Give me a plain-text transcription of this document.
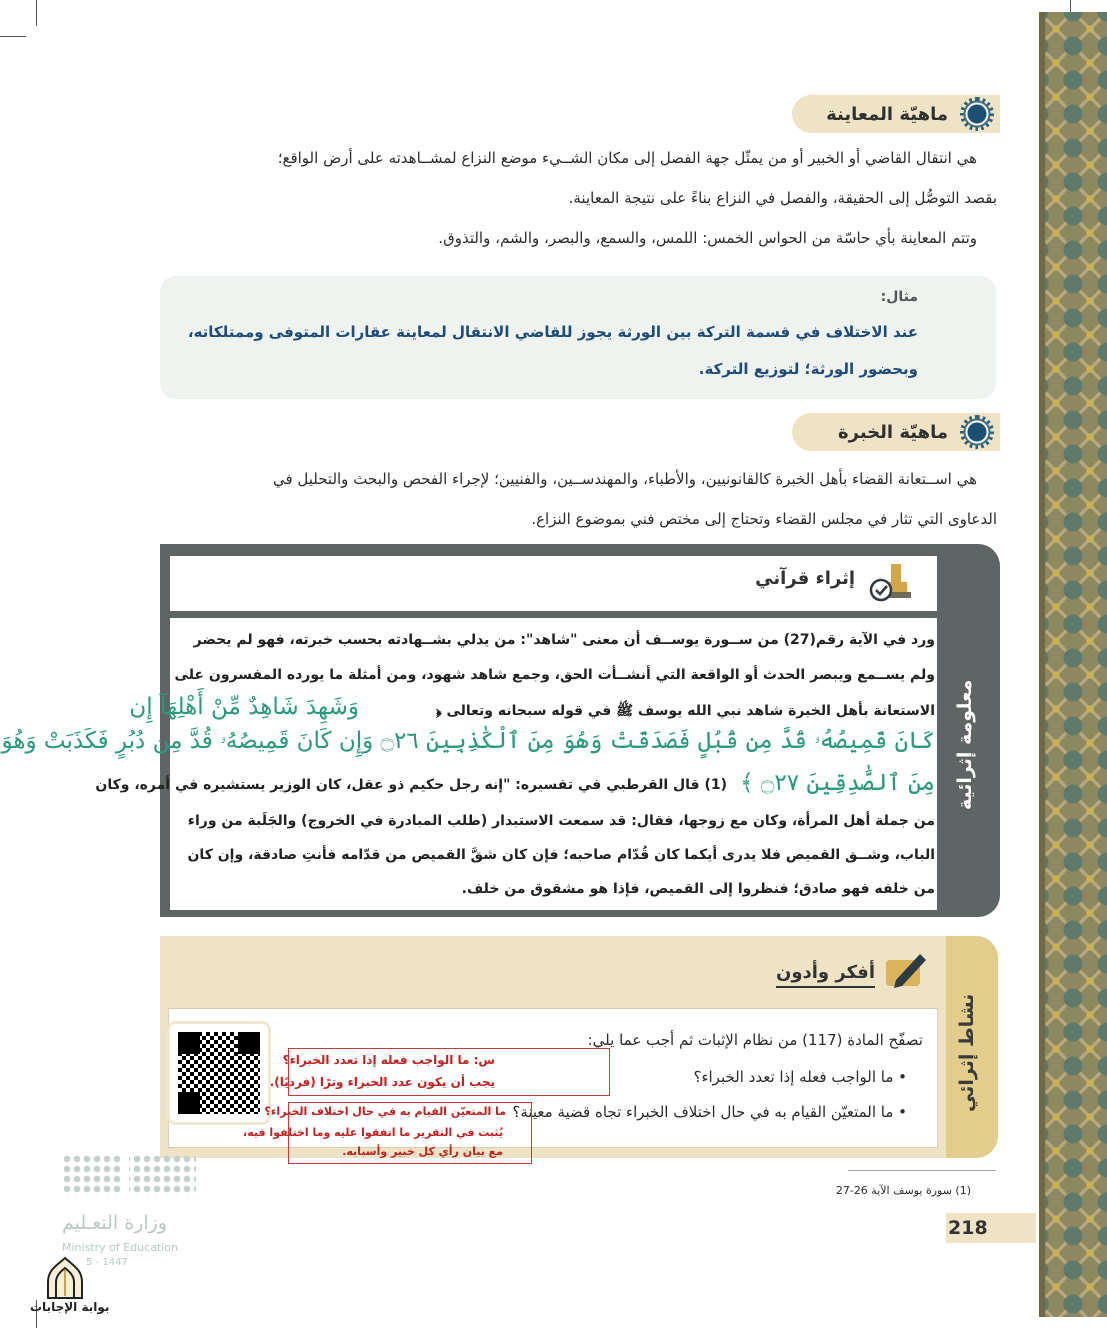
ماهيّة المعاينة
هي انتقال القاضي أو الخبير أو من يمثّل جهة الفصل إلى مكان الشــيء موضع النزاع لمشــاهدته على أرض الواقع؛
بقصد التوصُّل إلى الحقيقة، والفصل في النزاع بناءً على نتيجة المعاينة.
وتتم المعاينة بأي حاسّة من الحواس الخمس: اللمس، والسمع، والبصر، والشم، والتذوق.
مثال:
عند الاختلاف في قسمة التركة بين الورثة يجوز للقاضي الانتقال لمعاينة عقارات المتوفى وممتلكاته،
وبحضور الورثة؛ لتوزيع التركة.
ماهيّة الخبرة
هي اســتعانة القضاء بأهل الخبرة كالقانونيين، والأطباء، والمهندســين، والفنيين؛ لإجراء الفحص والبحث والتحليل في
الدعاوى التي تثار في مجلس القضاء وتحتاج إلى مختص فني بموضوع النزاع.
معلومة إثرائية
إثراء قرآني
ورد في الآية رقم(27) من ســورة يوســف أن معنى "شاهد": من يدلي بشــهادته بحسب خبرته، فهو لم يحضر
ولم يســمع ويبصر الحدث أو الواقعة التي أنشــأت الحق، وجمع شاهد شهود، ومن أمثلة ما يورده المفسرون على
الاستعانة بأهل الخبرة شاهد نبي الله يوسف ﷺ في قوله سبحانه وتعالى ﴿
وَشَهِدَ شَاهِدٌ مِّنْ أَهْلِهَآ إِن
كَانَ قَمِيصُهُۥ قُدَّ مِن قُبُلٍ فَصَدَقَتْ وَهُوَ مِنَ ٱلْكَٰذِبِينَ ۝٢٦ وَإِن كَانَ قَمِيصُهُۥ قُدَّ مِن دُبُرٍ فَكَذَبَتْ وَهُوَ
مِنَ ٱلصَّٰدِقِينَ ۝٢٧ ﴾
(1) قال القرطبي في تفسيره: "إنه رجل حكيم ذو عقل، كان الوزير يستشيره في أمره، وكان
من جملة أهل المرأة، وكان مع زوجها، فقال: قد سمعت الاستبدار (طلب المبادرة في الخروج) والجَلَبة من وراء
الباب، وشــق القميص فلا يدرى أيكما كان قُدّام صاحبه؛ فإن كان شقَّ القميص من قدّامه فأنتِ صادقة، وإن كان
من خلفه فهو صادق؛ فنظروا إلى القميص، فإذا هو مشقوق من خلف.
نشاط إثرائي
أفكر وأدون
تصفّح المادة (117) من نظام الإثبات ثم أجب عما يلي:
• ما الواجب فعله إذا تعدد الخبراء؟
• ما المتعيّن القيام به في حال اختلاف الخبراء تجاه قضية معينة؟
س: ما الواجب فعله إذا تعدد الخبراء؟
يجب أن يكون عدد الخبراء وترًا (فرديًا).
ما المتعيّن القيام به في حال اختلاف الخبراء؟
يُثبت في التقرير ما اتفقوا عليه وما اختلفوا فيه،
مع بيان رأي كل خبير وأسبابه.
(1) سورة يوسف الآية 26-27
218
وزارة التعـليم
Ministry of Education
5 - 1447
بوابة الإجابات
